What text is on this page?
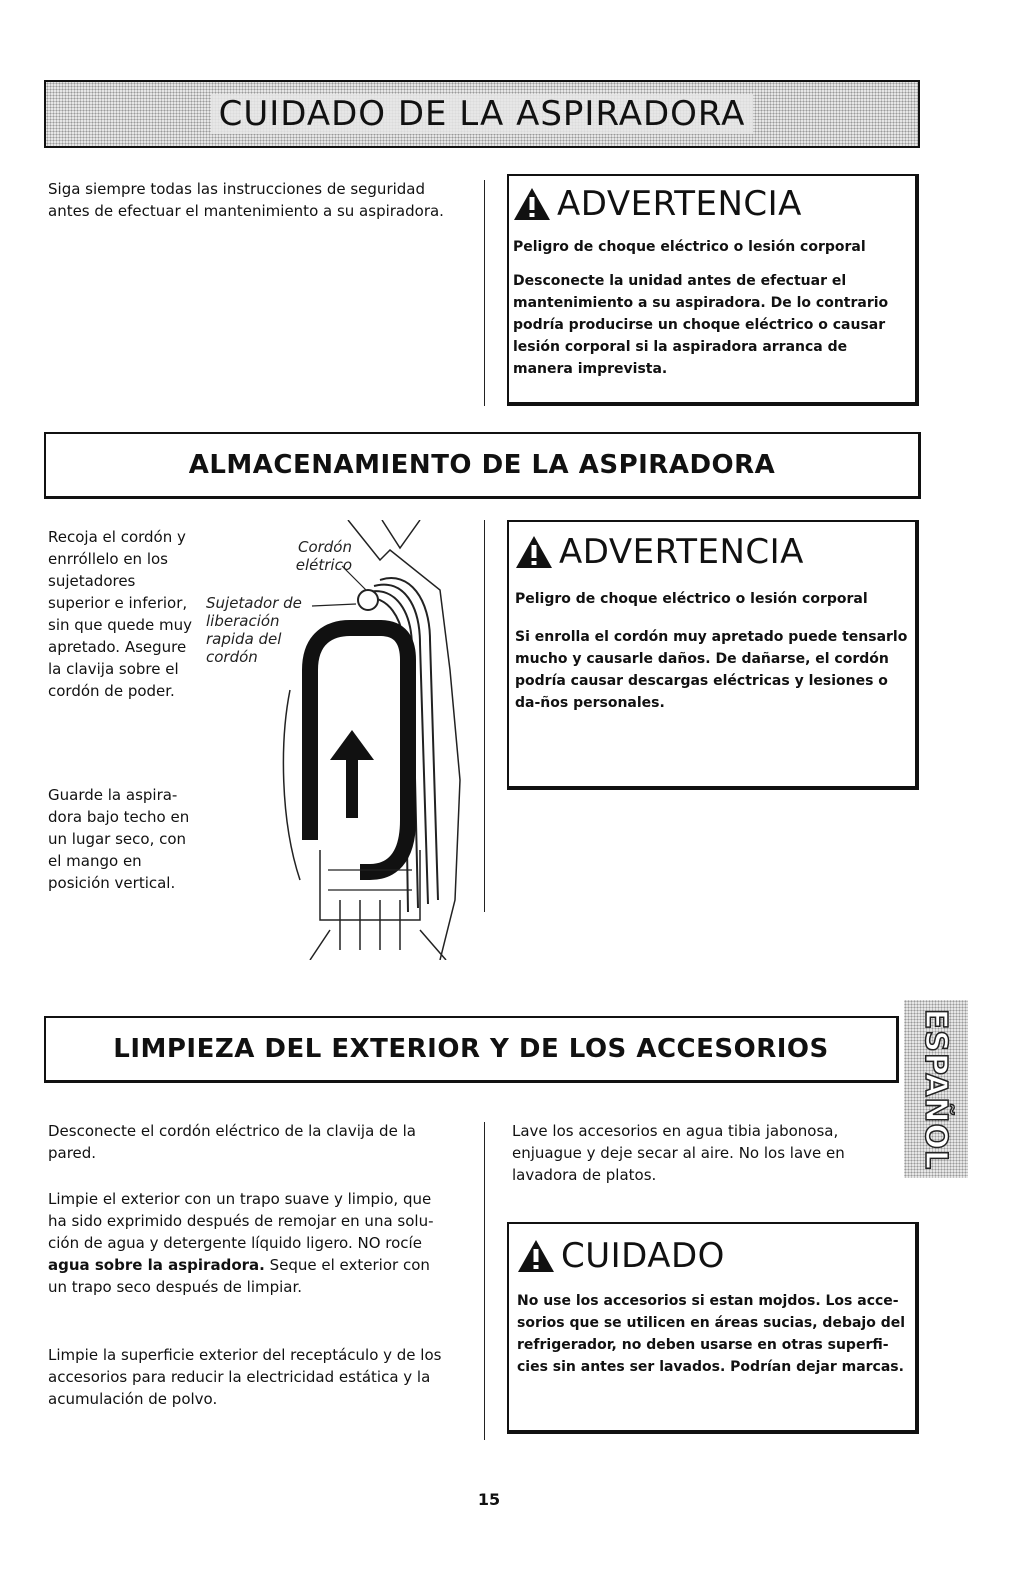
CUIDADO DE LA ASPIRADORA
Siga siempre todas las instrucciones de seguridad antes de efectuar el mantenimiento a su aspiradora.	ADVERTENCIA
Peligro de choque eléctrico o lesión corporal
Desconecte la unidad antes de efectuar el mantenimiento a su aspiradora. De lo contrario podría producirse un choque eléctrico o causar lesión corporal si la aspiradora arranca de manera imprevista.
ALMACENAMIENTO DE LA ASPIRADORA
Recoja el cordón y enrróllelo en los sujetadores superior e inferior, sin que quede muy apretado. Asegure la clavija sobre el cordón de poder.
Guarde la aspira-dora bajo techo en un lugar seco, con el mango en posición vertical.
Cordón elétrico
Sujetador de liberación rapida del cordón
ADVERTENCIA
Peligro de choque eléctrico o lesión corporal
Si enrolla el cordón muy apretado puede tensarlo mucho y causarle daños. De dañarse, el cordón podría causar descargas eléctricas y lesiones o da-ños personales.
LIMPIEZA DEL EXTERIOR Y DE LOS ACCESORIOS	ESPAÑOL
Desconecte el cordón eléctrico de la clavija de la pared.
Limpie el exterior con un trapo suave y limpio, que ha sido exprimido después de remojar en una solu-ción de agua y detergente líquido ligero. NO rocíe agua sobre la aspiradora. Seque el exterior con un trapo seco después de limpiar.
Limpie la superficie exterior del receptáculo y de los accesorios para reducir la electricidad estática y la acumulación de polvo.
Lave los accesorios en agua tibia jabonosa, enjuague y deje secar al aire. No los lave en lavadora de platos.
CUIDADO
No use los accesorios si estan mojdos. Los acce-sorios que se utilicen en áreas sucias, debajo del refrigerador, no deben usarse en otras superfi-cies sin antes ser lavados. Podrían dejar marcas.
15
